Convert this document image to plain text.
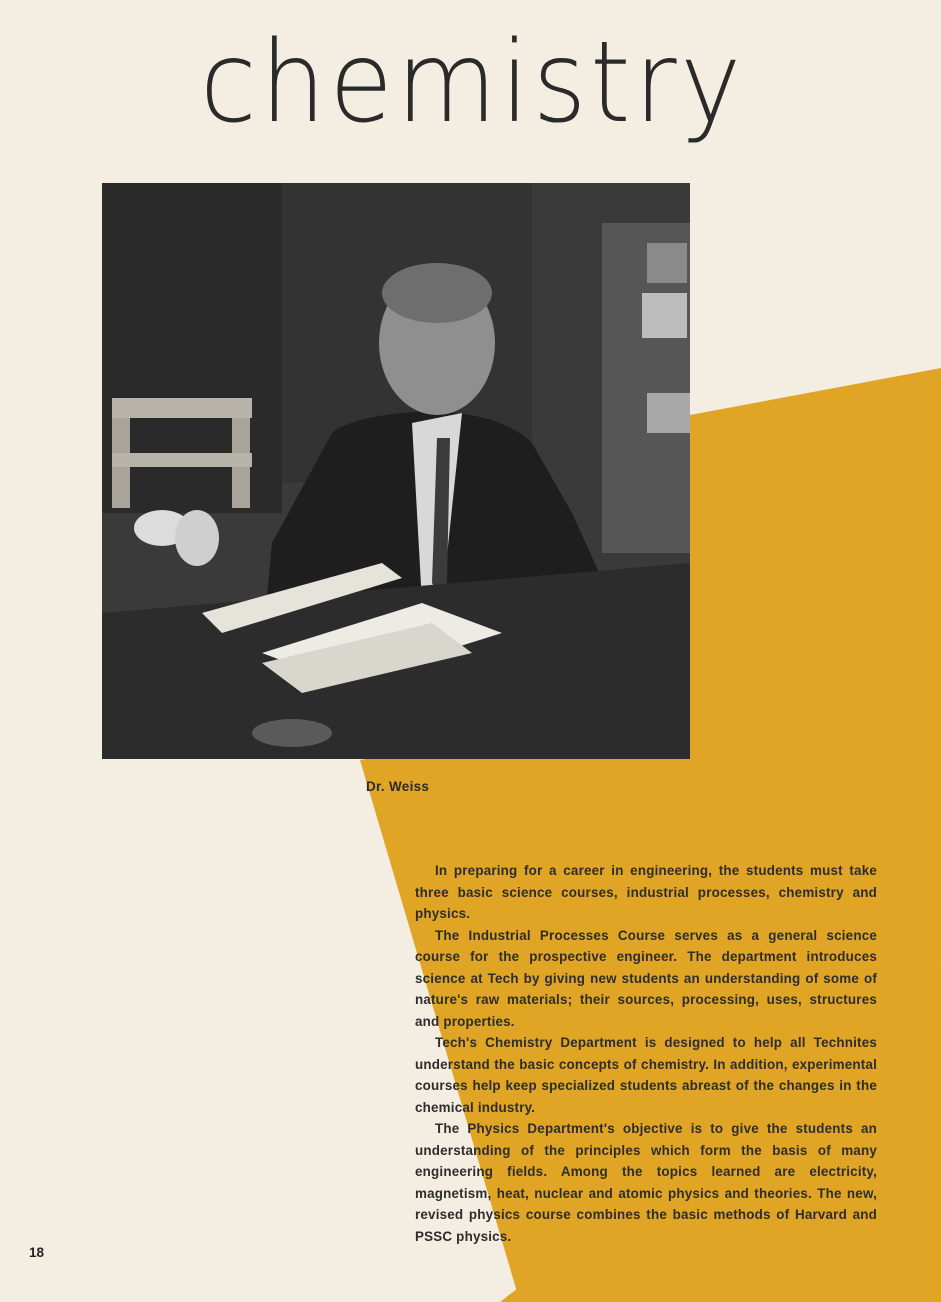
chemistry

Dr. Weiss

In preparing for a career in engineering, the students must take three basic science courses, industrial processes, chemistry and physics.

The Industrial Processes Course serves as a general science course for the prospective engineer. The department introduces science at Tech by giving new students an understanding of some of nature's raw materials; their sources, processing, uses, structures and properties.

Tech's Chemistry Department is designed to help all Technites understand the basic concepts of chemistry. In addition, experimental courses help keep specialized students abreast of the changes in the chemical industry.

The Physics Department's objective is to give the students an understanding of the principles which form the basis of many engineering fields. Among the topics learned are electricity, magnetism, heat, nuclear and atomic physics and theories. The new, revised physics course combines the basic methods of Harvard and PSSC physics.

18
